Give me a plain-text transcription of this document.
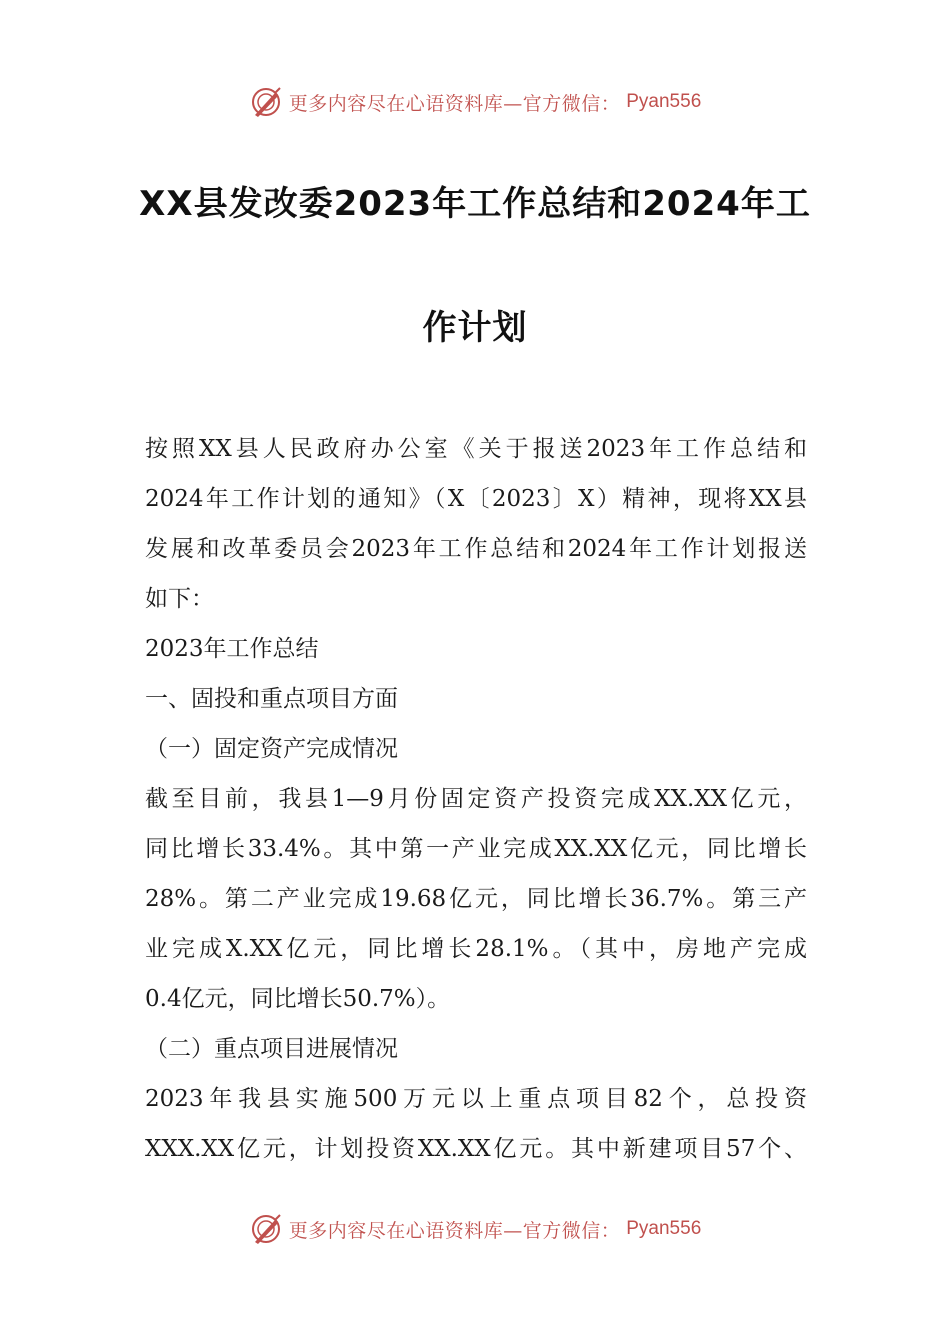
更多内容尽在心语资料库—官方微信： Pyan556
XX县发改委2023年工作总结和2024年工
作计划
按照XX县人民政府办公室《关于报送2023年工作总结和
2024年工作计划的通知》（X〔2023〕X）精神，现将XX县
发展和改革委员会2023年工作总结和2024年工作计划报送
如下：
2023年工作总结
一、固投和重点项目方面
（一）固定资产完成情况
截至目前，我县1—9月份固定资产投资完成XX.XX亿元，
同比增长33.4%。其中第一产业完成XX.XX亿元，同比增长
28%。第二产业完成19.68亿元，同比增长36.7%。第三产
业完成X.XX亿元，同比增长28.1%。（其中，房地产完成
0.4亿元，同比增长50.7%）。
（二）重点项目进展情况
2023年我县实施500万元以上重点项目82个，总投资
XXX.XX亿元，计划投资XX.XX亿元。其中新建项目57个、
更多内容尽在心语资料库—官方微信： Pyan556
